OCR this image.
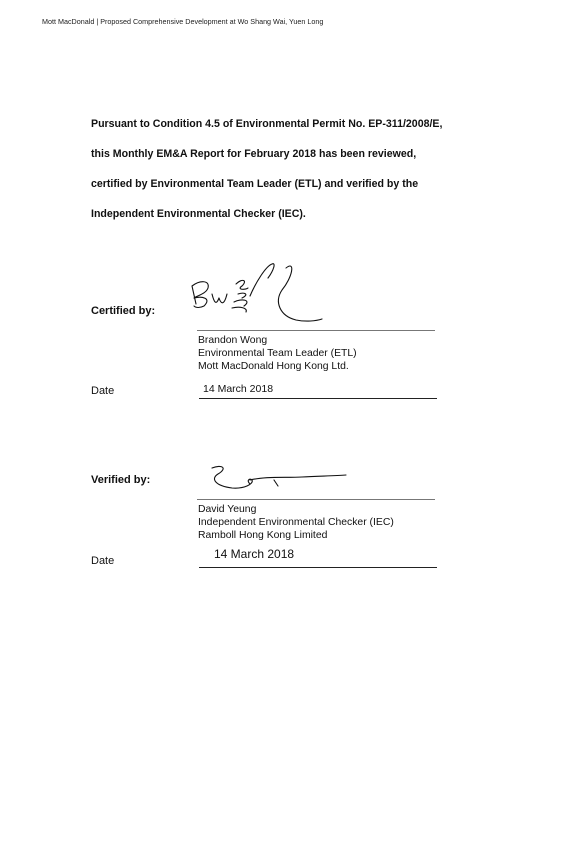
Mott MacDonald | Proposed Comprehensive Development at Wo Shang Wai, Yuen Long

Pursuant to Condition 4.5 of Environmental Permit No. EP-311/2008/E,

this Monthly EM&A Report for February 2018 has been reviewed,

certified by Environmental Team Leader (ETL) and verified by the

Independent Environmental Checker (IEC).

Certified by:
Brandon Wong
Environmental Team Leader (ETL)
Mott MacDonald Hong Kong Ltd.
Date	14 March 2018
Verified by:
David Yeung
Independent Environmental Checker (IEC)
Ramboll Hong Kong Limited
Date	14 March 2018
